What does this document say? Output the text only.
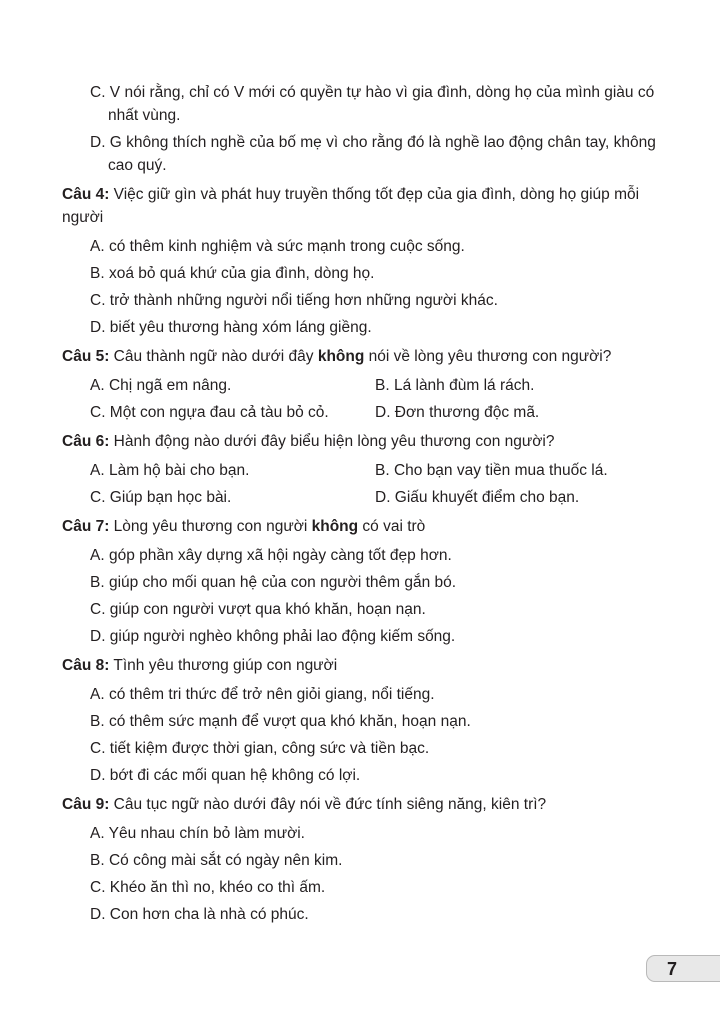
C. V nói rằng, chỉ có V mới có quyền tự hào vì gia đình, dòng họ của mình giàu có nhất vùng.
D. G không thích nghề của bố mẹ vì cho rằng đó là nghề lao động chân tay, không cao quý.
Câu 4: Việc giữ gìn và phát huy truyền thống tốt đẹp của gia đình, dòng họ giúp mỗi người
A. có thêm kinh nghiệm và sức mạnh trong cuộc sống.
B. xoá bỏ quá khứ của gia đình, dòng họ.
C. trở thành những người nổi tiếng hơn những người khác.
D. biết yêu thương hàng xóm láng giềng.
Câu 5: Câu thành ngữ nào dưới đây không nói về lòng yêu thương con người?
A. Chị ngã em nâng.	B. Lá lành đùm lá rách.
C. Một con ngựa đau cả tàu bỏ cỏ.	D. Đơn thương độc mã.
Câu 6: Hành động nào dưới đây biểu hiện lòng yêu thương con người?
A. Làm hộ bài cho bạn.	B. Cho bạn vay tiền mua thuốc lá.
C. Giúp bạn học bài.	D. Giấu khuyết điểm cho bạn.
Câu 7: Lòng yêu thương con người không có vai trò
A. góp phần xây dựng xã hội ngày càng tốt đẹp hơn.
B. giúp cho mối quan hệ của con người thêm gắn bó.
C. giúp con người vượt qua khó khăn, hoạn nạn.
D. giúp người nghèo không phải lao động kiếm sống.
Câu 8: Tình yêu thương giúp con người
A. có thêm tri thức để trở nên giỏi giang, nổi tiếng.
B. có thêm sức mạnh để vượt qua khó khăn, hoạn nạn.
C. tiết kiệm được thời gian, công sức và tiền bạc.
D. bớt đi các mối quan hệ không có lợi.
Câu 9: Câu tục ngữ nào dưới đây nói về đức tính siêng năng, kiên trì?
A. Yêu nhau chín bỏ làm mười.
B. Có công mài sắt có ngày nên kim.
C. Khéo ăn thì no, khéo co thì ấm.
D. Con hơn cha là nhà có phúc.
7
